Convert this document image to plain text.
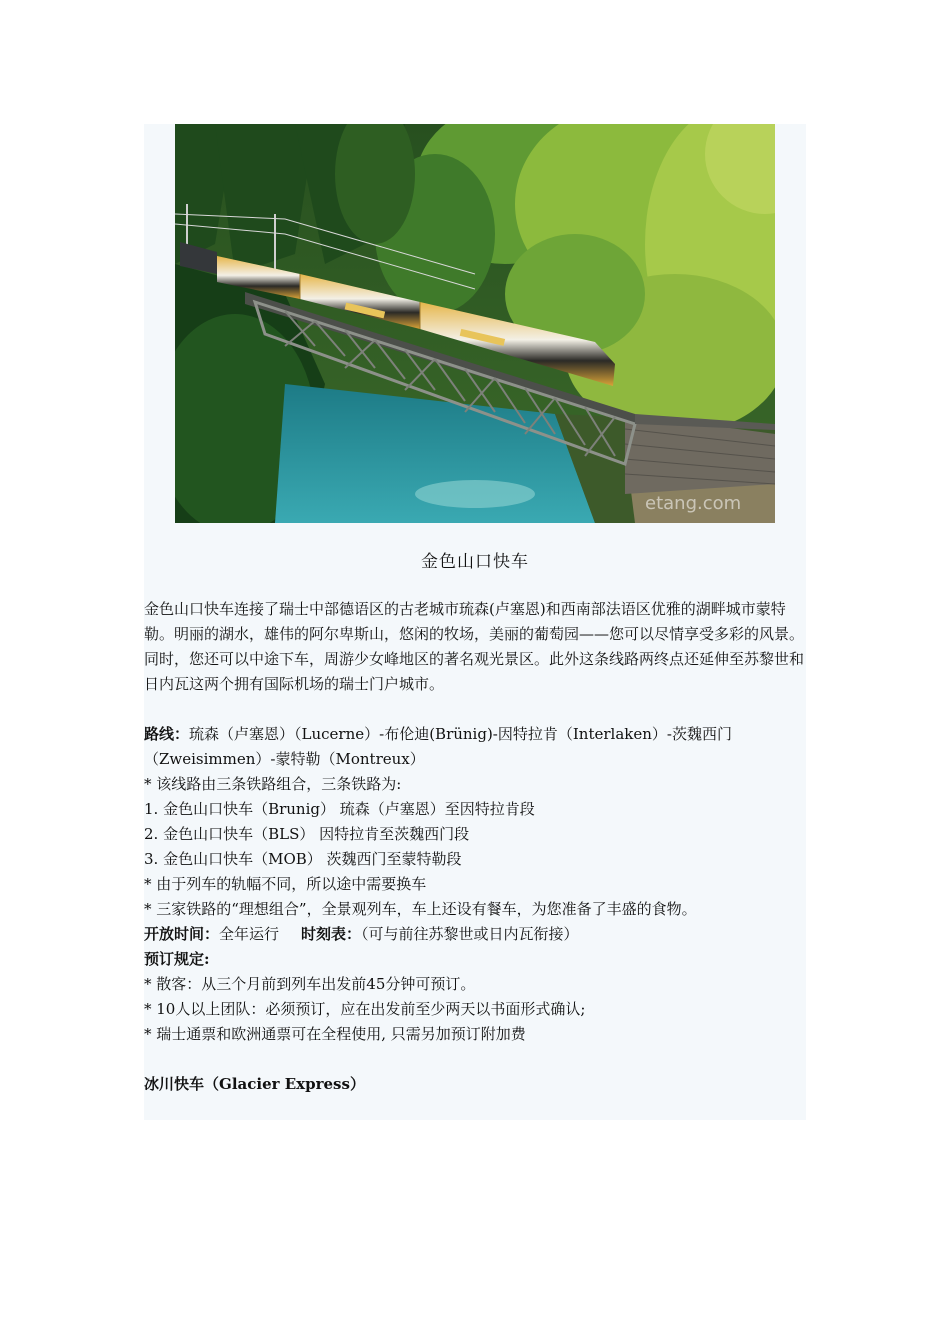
etang.com
金色山口快车

金色山口快车连接了瑞士中部德语区的古老城市琉森(卢塞恩)和西南部法语区优雅的湖畔城市蒙特勒。明丽的湖水，雄伟的阿尔卑斯山，悠闲的牧场，美丽的葡萄园——您可以尽情享受多彩的风景。同时，您还可以中途下车，周游少女峰地区的著名观光景区。此外这条线路两终点还延伸至苏黎世和日内瓦这两个拥有国际机场的瑞士门户城市。

路线：琉森（卢塞恩）（Lucerne）-布伦迪(Brünig)-因特拉肯（Interlaken）-茨魏西门（Zweisimmen）-蒙特勒（Montreux）

* 该线路由三条铁路组合，三条铁路为:

1. 金色山口快车（Brunig） 琉森（卢塞恩）至因特拉肯段

2. 金色山口快车（BLS） 因特拉肯至茨魏西门段

3. 金色山口快车（MOB） 茨魏西门至蒙特勒段

* 由于列车的轨幅不同，所以途中需要换车

* 三家铁路的“理想组合”，全景观列车，车上还设有餐车，为您准备了丰盛的食物。

开放时间：全年运行 时刻表：（可与前往苏黎世或日内瓦衔接）

预订规定:

* 散客：从三个月前到列车出发前45分钟可预订。

* 10人以上团队：必须预订，应在出发前至少两天以书面形式确认;

* 瑞士通票和欧洲通票可在全程使用, 只需另加预订附加费

冰川快车（Glacier Express）
